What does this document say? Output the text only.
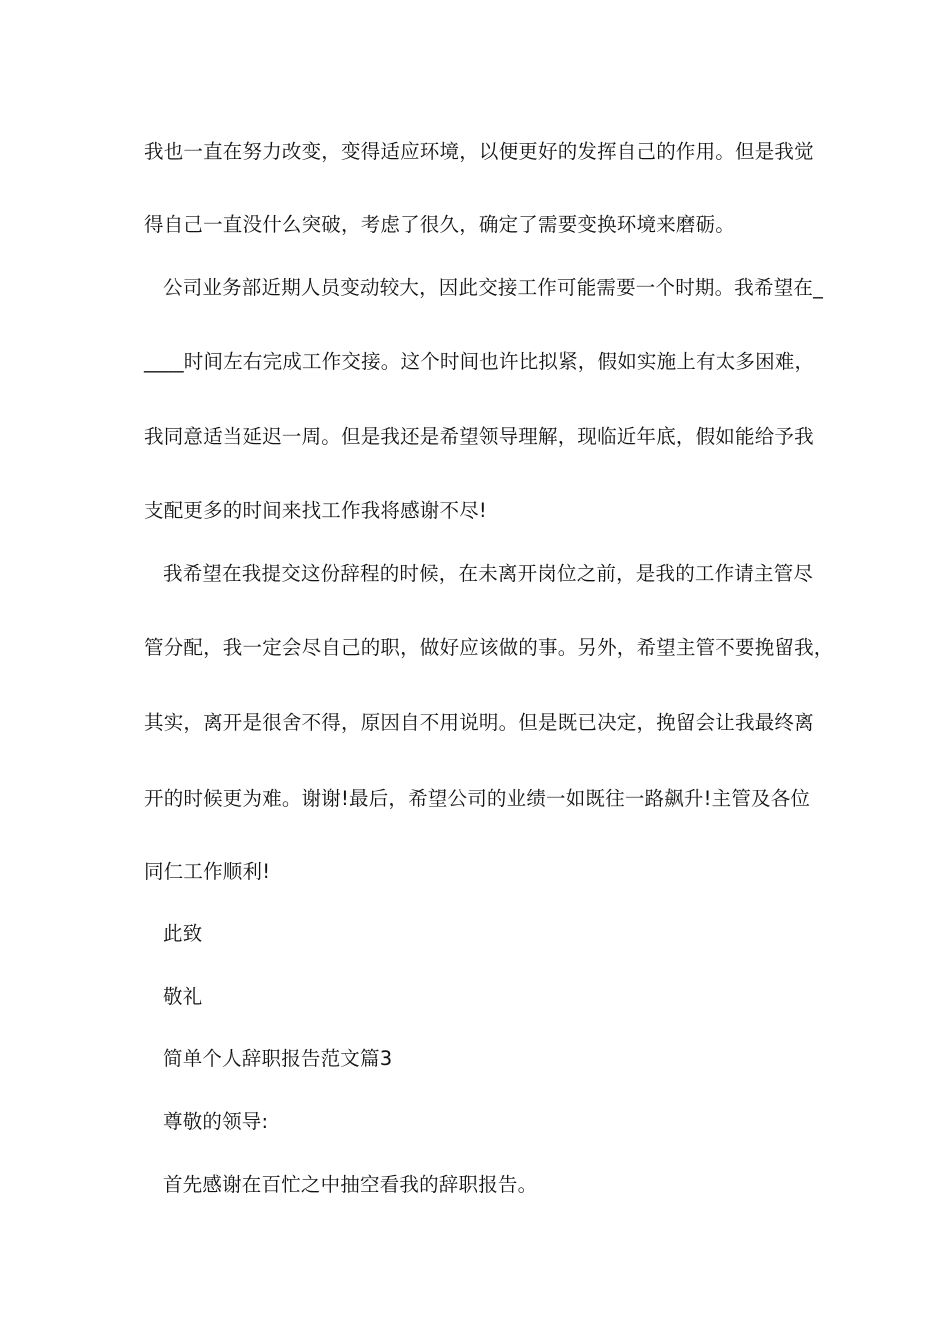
我也一直在努力改变，变得适应环境，以便更好的发挥自己的作用。但是我觉
得自己一直没什么突破，考虑了很久，确定了需要变换环境来磨砺。
公司业务部近期人员变动较大，因此交接工作可能需要一个时期。我希望在_
____时间左右完成工作交接。这个时间也许比拟紧，假如实施上有太多困难，
我同意适当延迟一周。但是我还是希望领导理解，现临近年底，假如能给予我
支配更多的时间来找工作我将感谢不尽!
我希望在我提交这份辞程的时候，在未离开岗位之前，是我的工作请主管尽
管分配，我一定会尽自己的职，做好应该做的事。另外，希望主管不要挽留我，
其实，离开是很舍不得，原因自不用说明。但是既已决定，挽留会让我最终离
开的时候更为难。谢谢!最后，希望公司的业绩一如既往一路飙升!主管及各位
同仁工作顺利!
此致
敬礼
简单个人辞职报告范文篇3
尊敬的领导:
首先感谢在百忙之中抽空看我的辞职报告。
